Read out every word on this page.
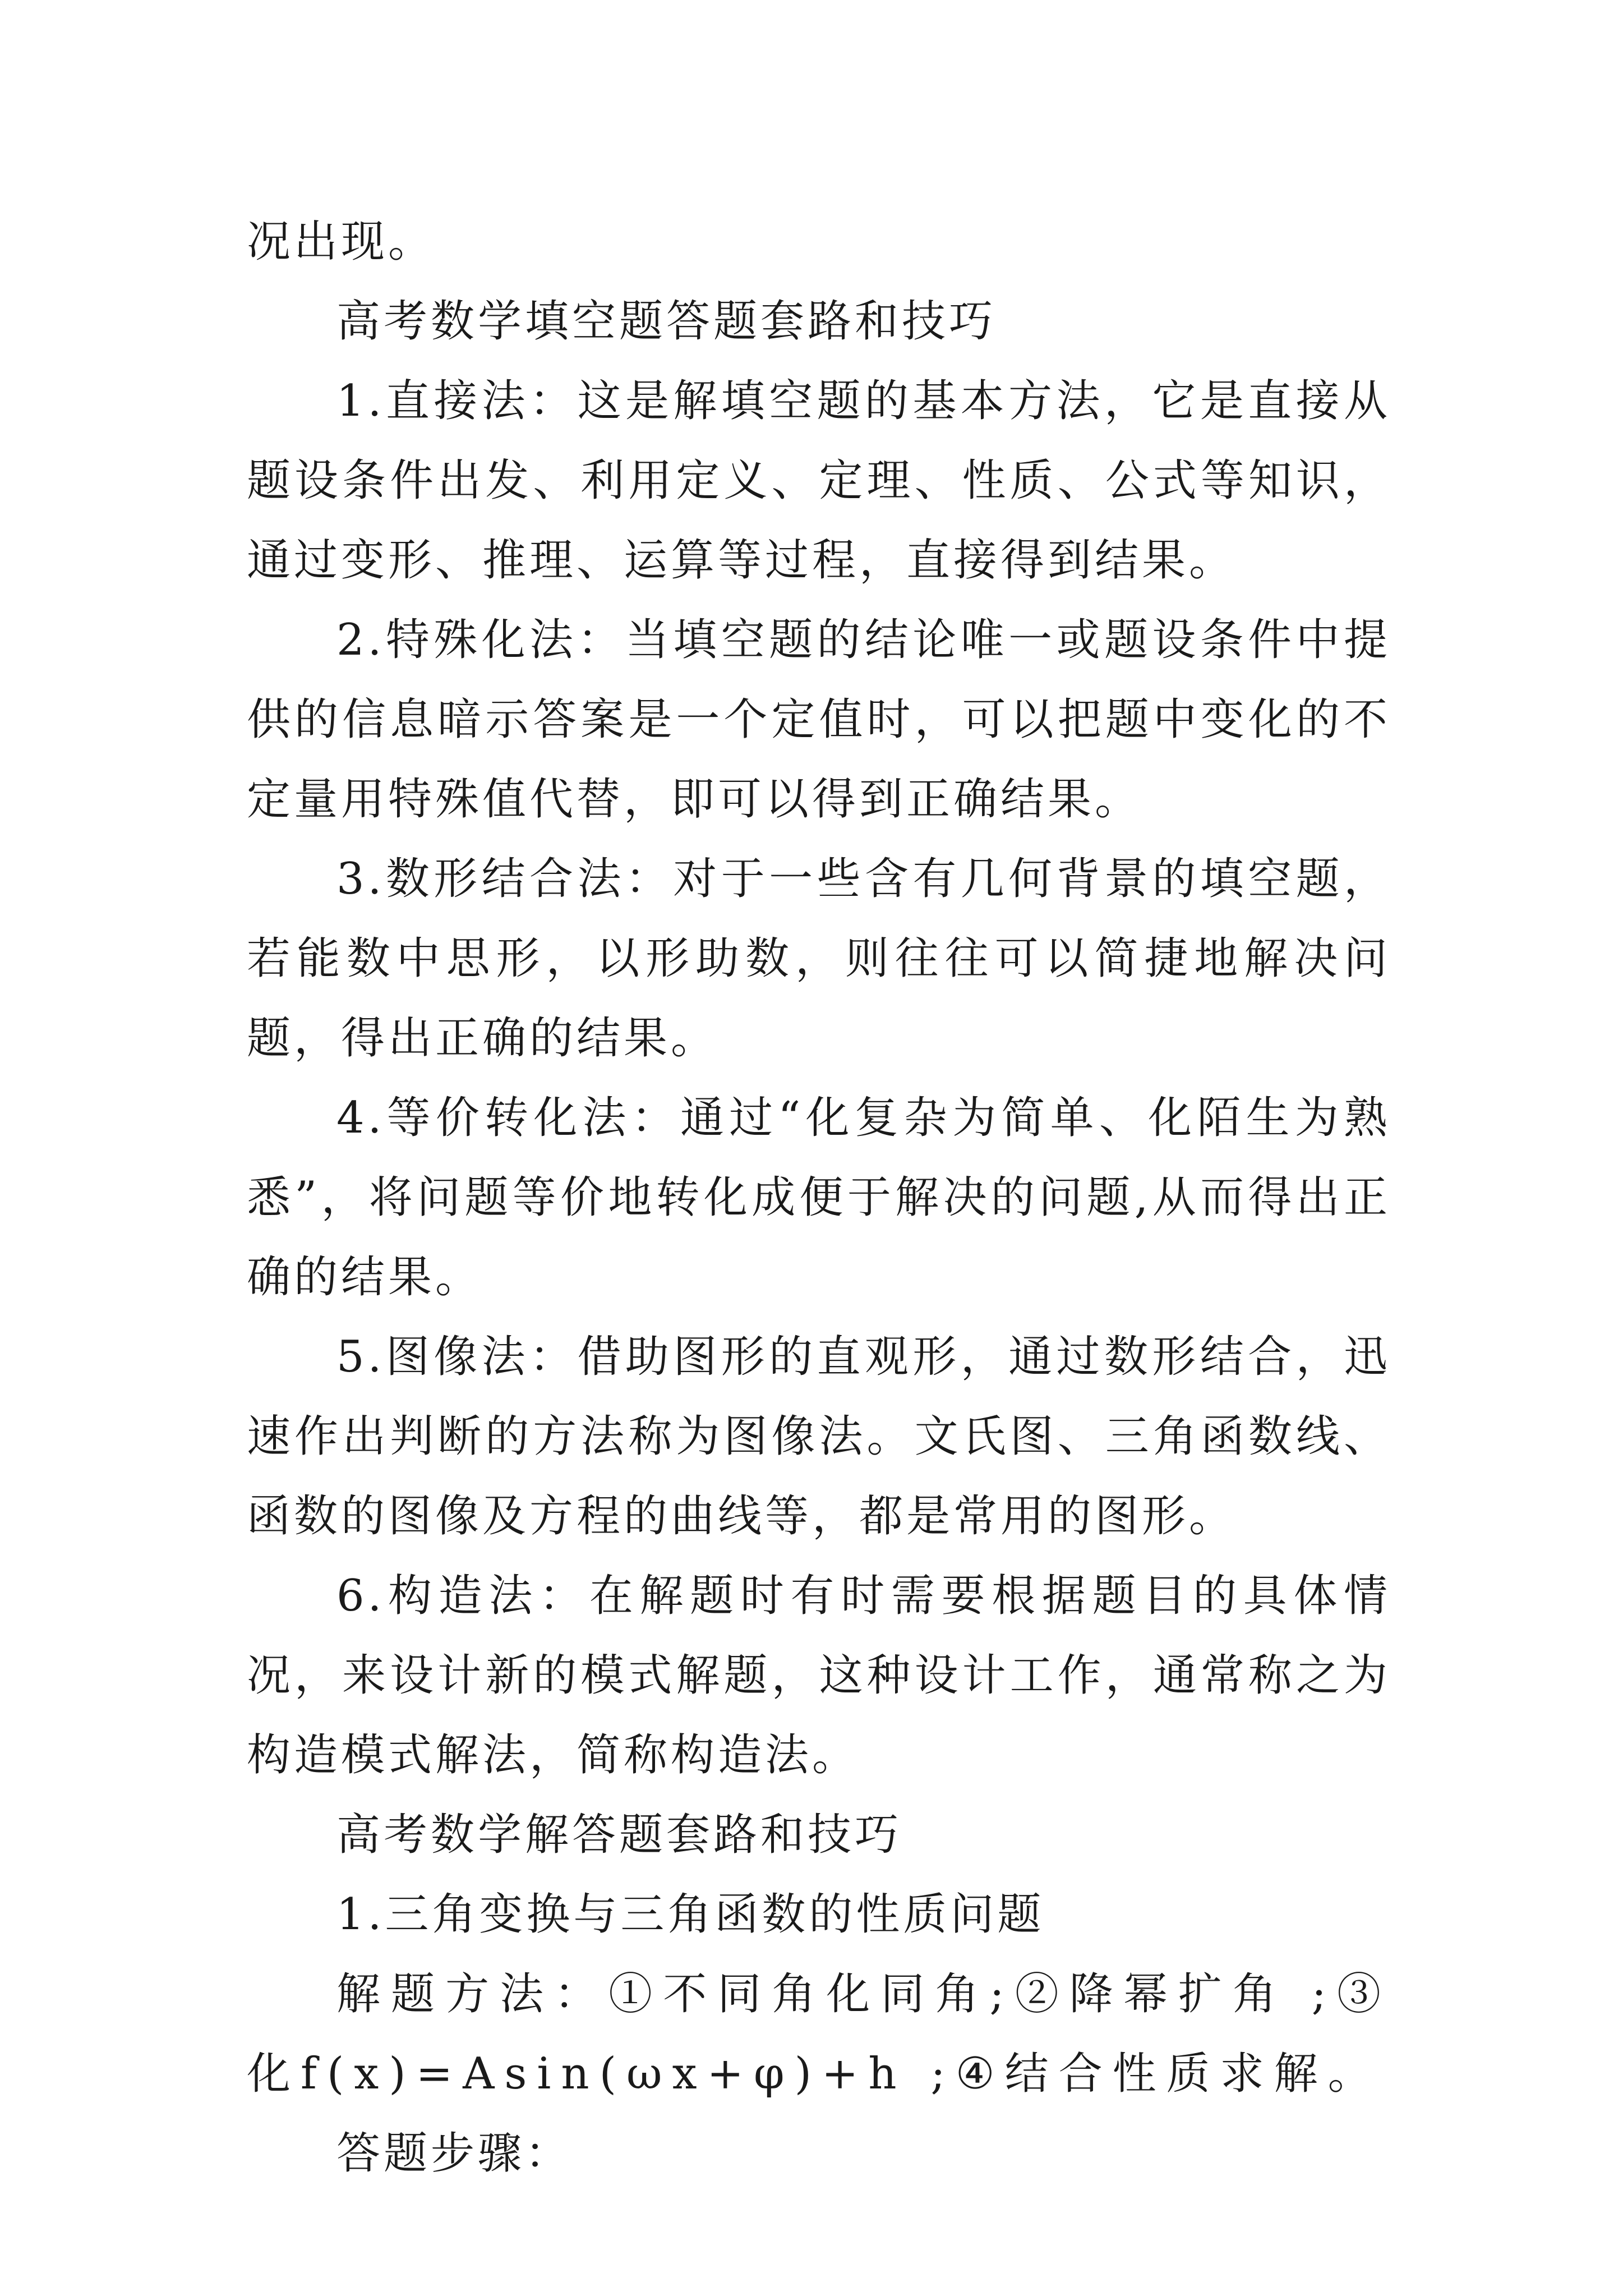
况出现。

高考数学填空题答题套路和技巧

1.直接法：这是解填空题的基本方法，它是直接从题设条件出发、利用定义、定理、性质、公式等知识，通过变形、推理、运算等过程，直接得到结果。

2.特殊化法：当填空题的结论唯一或题设条件中提供的信息暗示答案是一个定值时，可以把题中变化的不定量用特殊值代替，即可以得到正确结果。

3.数形结合法：对于一些含有几何背景的填空题，若能数中思形，以形助数，则往往可以简捷地解决问题，得出正确的结果。

4.等价转化法：通过“化复杂为简单、化陌生为熟悉”，将问题等价地转化成便于解决的问题,从而得出正确的结果。

5.图像法：借助图形的直观形，通过数形结合，迅速作出判断的方法称为图像法。文氏图、三角函数线、函数的图像及方程的曲线等，都是常用的图形。

6.构造法：在解题时有时需要根据题目的具体情况，来设计新的模式解题，这种设计工作，通常称之为构造模式解法，简称构造法。

高考数学解答题套路和技巧

1.三角变换与三角函数的性质问题

解题方法：①不同角化同角;②降幂扩角 ;③化f(x)=Asin(ωx+φ)+h ;④结合性质求解。

答题步骤：
